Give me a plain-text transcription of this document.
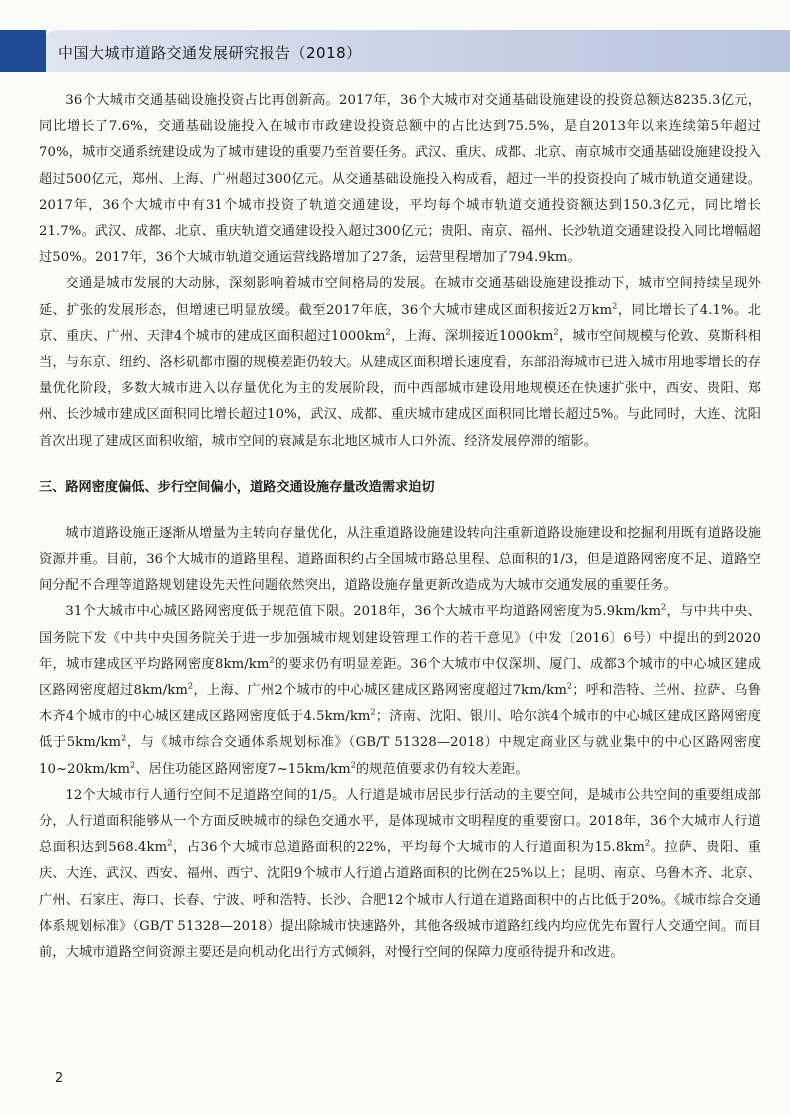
中国大城市道路交通发展研究报告（2018）

36个大城市交通基础设施投资占比再创新高。2017年，36个大城市对交通基础设施建设的投资总额达8235.3亿元，同比增长了7.6%，交通基础设施投入在城市市政建设投资总额中的占比达到75.5%，是自2013年以来连续第5年超过70%，城市交通系统建设成为了城市建设的重要乃至首要任务。武汉、重庆、成都、北京、南京城市交通基础设施建设投入超过500亿元，郑州、上海、广州超过300亿元。从交通基础设施投入构成看，超过一半的投资投向了城市轨道交通建设。2017年，36个大城市中有31个城市投资了轨道交通建设，平均每个城市轨道交通投资额达到150.3亿元，同比增长21.7%。武汉、成都、北京、重庆轨道交通建设投入超过300亿元；贵阳、南京、福州、长沙轨道交通建设投入同比增幅超过50%。2017年，36个大城市轨道交通运营线路增加了27条，运营里程增加了794.9km。

交通是城市发展的大动脉，深刻影响着城市空间格局的发展。在城市交通基础设施建设推动下，城市空间持续呈现外延、扩张的发展形态，但增速已明显放缓。截至2017年底，36个大城市建成区面积接近2万$km^2$，同比增长了4.1%。北京、重庆、广州、天津4个城市的建成区面积超过$1000km^2$，上海、深圳接近$1000km^2$，城市空间规模与伦敦、莫斯科相当，与东京、纽约、洛杉矶都市圈的规模差距仍较大。从建成区面积增长速度看，东部沿海城市已进入城市用地零增长的存量优化阶段，多数大城市进入以存量优化为主的发展阶段，而中西部城市建设用地规模还在快速扩张中，西安、贵阳、郑州、长沙城市建成区面积同比增长超过10%，武汉、成都、重庆城市建成区面积同比增长超过5%。与此同时，大连、沈阳首次出现了建成区面积收缩，城市空间的衰减是东北地区城市人口外流、经济发展停滞的缩影。

三、路网密度偏低、步行空间偏小，道路交通设施存量改造需求迫切

城市道路设施正逐渐从增量为主转向存量优化，从注重道路设施建设转向注重新道路设施建设和挖掘利用既有道路设施资源并重。目前，36个大城市的道路里程、道路面积约占全国城市路总里程、总面积的1/3，但是道路网密度不足、道路空间分配不合理等道路规划建设先天性问题依然突出，道路设施存量更新改造成为大城市交通发展的重要任务。

31个大城市中心城区路网密度低于规范值下限。2018年，36个大城市平均道路网密度为$5.9km/km^2$，与中共中央、国务院下发《中共中央国务院关于进一步加强城市规划建设管理工作的若干意见》（中发〔2016〕6号）中提出的到2020年，城市建成区平均路网密度$8km/km^2$的要求仍有明显差距。36个大城市中仅深圳、厦门、成都3个城市的中心城区建成区路网密度超过$8km/km^2$，上海、广州2个城市的中心城区建成区路网密度超过$7km/km^2$；呼和浩特、兰州、拉萨、乌鲁木齐4个城市的中心城区建成区路网密度低于$4.5km/km^2$；济南、沈阳、银川、哈尔滨4个城市的中心城区建成区路网密度低于$5km/km^2$，与《城市综合交通体系规划标准》（GB/T 51328—2018）中规定商业区与就业集中的中心区路网密度$10\sim 20km/km^2$、居住功能区路网密度$7\sim 15km/km^2$的规范值要求仍有较大差距。

12个大城市行人通行空间不足道路空间的1/5。人行道是城市居民步行活动的主要空间，是城市公共空间的重要组成部分，人行道面积能够从一个方面反映城市的绿色交通水平，是体现城市文明程度的重要窗口。2018年，36个大城市人行道总面积达到$568.4km^2$，占36个大城市总道路面积的22%，平均每个大城市的人行道面积为$15.8km^2$。拉萨、贵阳、重庆、大连、武汉、西安、福州、西宁、沈阳9个城市人行道占道路面积的比例在25%以上；昆明、南京、乌鲁木齐、北京、广州、石家庄、海口、长春、宁波、呼和浩特、长沙、合肥12个城市人行道在道路面积中的占比低于20%。《城市综合交通体系规划标准》（GB/T 51328—2018）提出除城市快速路外，其他各级城市道路红线内均应优先布置行人交通空间。而目前，大城市道路空间资源主要还是向机动化出行方式倾斜，对慢行空间的保障力度亟待提升和改进。

2
